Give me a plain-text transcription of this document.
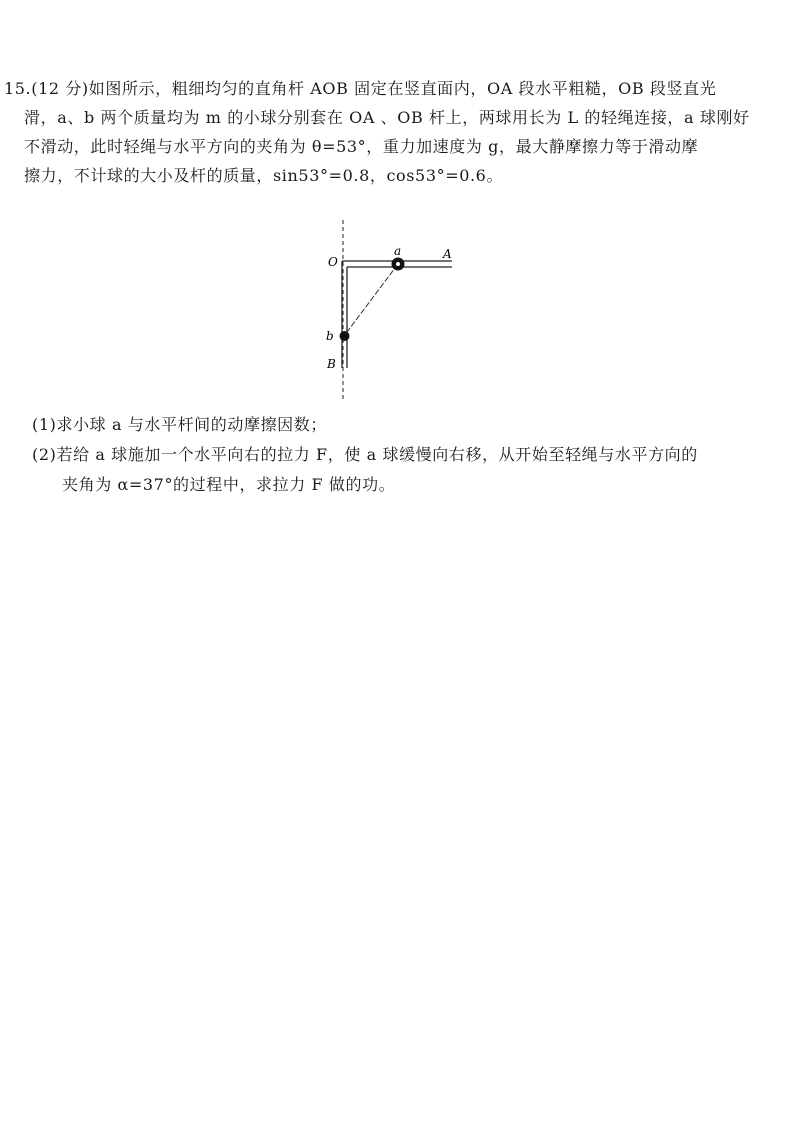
15.(12 分)如图所示，粗细均匀的直角杆 AOB 固定在竖直面内，OA 段水平粗糙，OB 段竖直光
滑，a、b 两个质量均为 m 的小球分别套在 OA 、OB 杆上，两球用长为 L 的轻绳连接，a 球刚好
不滑动，此时轻绳与水平方向的夹角为 θ=53°，重力加速度为 g，最大静摩擦力等于滑动摩
擦力，不计球的大小及杆的质量，sin53°=0.8，cos53°=0.6。
O
a	A
b
B
(1)求小球 a 与水平杆间的动摩擦因数；
(2)若给 a 球施加一个水平向右的拉力 F，使 a 球缓慢向右移，从开始至轻绳与水平方向的
夹角为 α=37°的过程中，求拉力 F 做的功。
